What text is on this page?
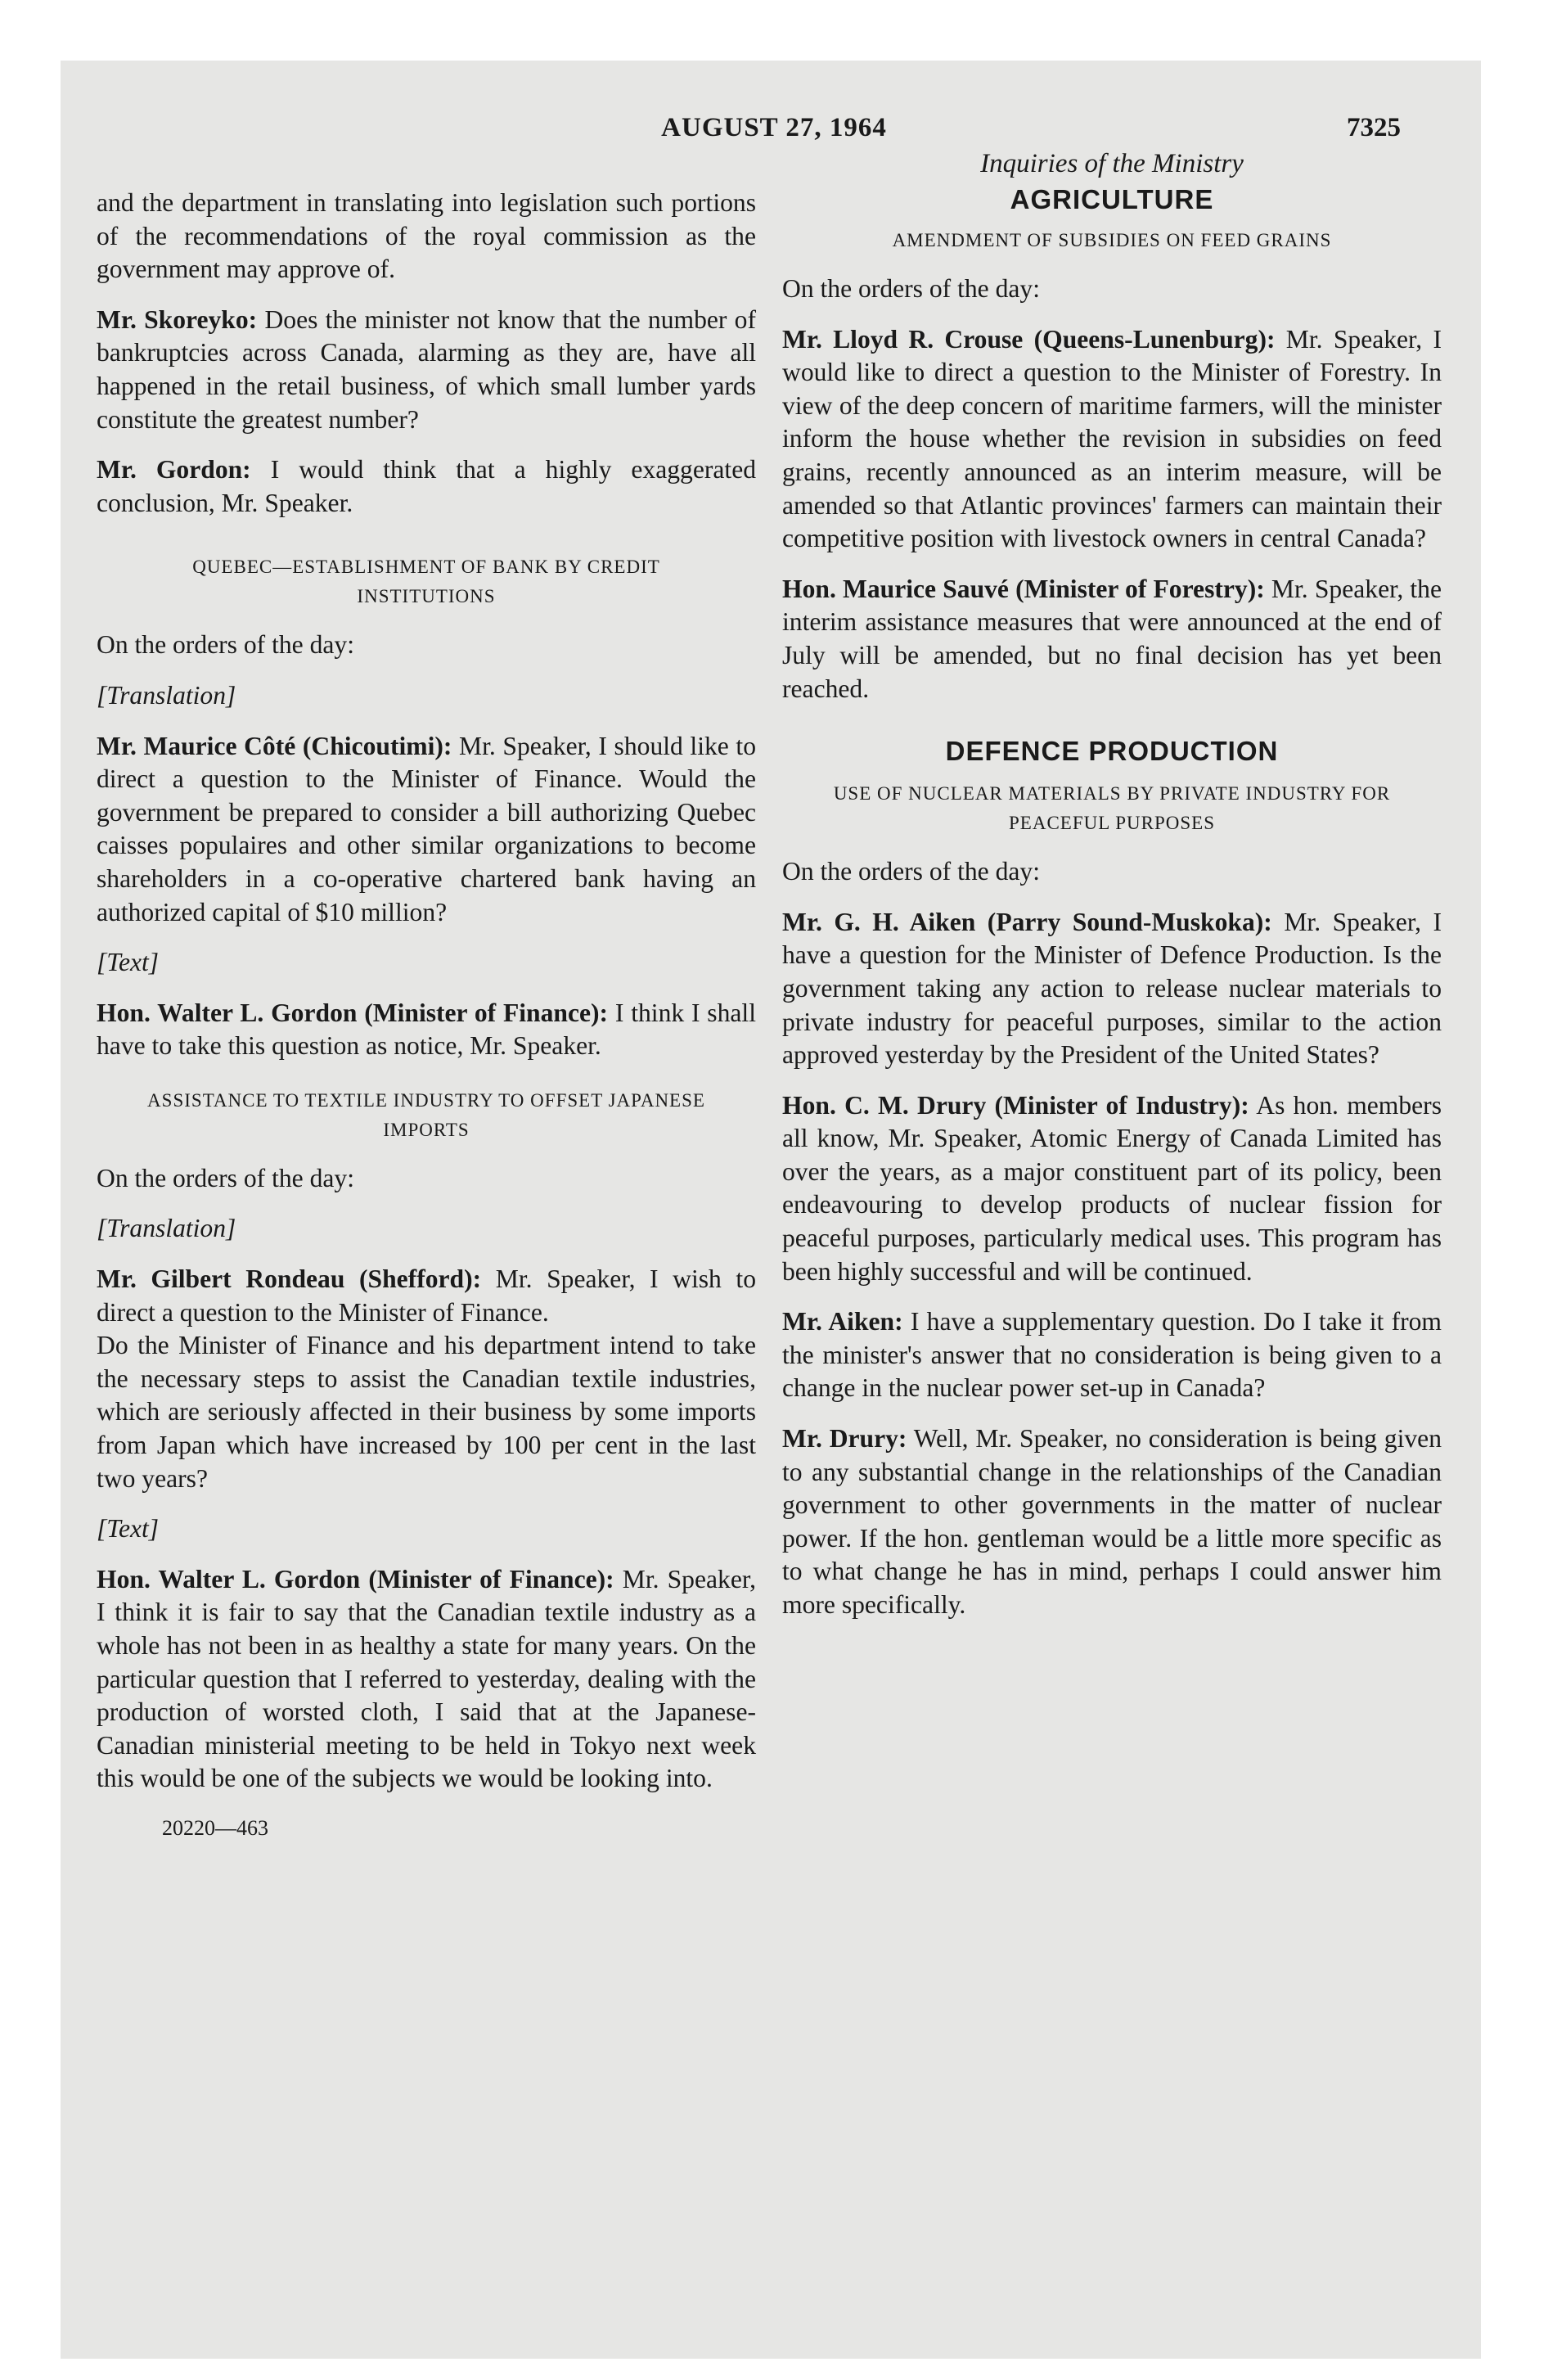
AUGUST 27, 1964	7325

and the department in translating into legislation such portions of the recommendations of the royal commission as the government may approve of.

Mr. Skoreyko: Does the minister not know that the number of bankruptcies across Canada, alarming as they are, have all happened in the retail business, of which small lumber yards constitute the greatest number?

Mr. Gordon: I would think that a highly exaggerated conclusion, Mr. Speaker.

QUEBEC—ESTABLISHMENT OF BANK BY CREDIT INSTITUTIONS

On the orders of the day:

[Translation]

Mr. Maurice Côté (Chicoutimi): Mr. Speaker, I should like to direct a question to the Minister of Finance. Would the government be prepared to consider a bill authorizing Quebec caisses populaires and other similar organizations to become shareholders in a co-operative chartered bank having an authorized capital of $10 million?

[Text]

Hon. Walter L. Gordon (Minister of Finance): I think I shall have to take this question as notice, Mr. Speaker.

ASSISTANCE TO TEXTILE INDUSTRY TO OFFSET JAPANESE IMPORTS

On the orders of the day:

[Translation]

Mr. Gilbert Rondeau (Shefford): Mr. Speaker, I wish to direct a question to the Minister of Finance.

Do the Minister of Finance and his department intend to take the necessary steps to assist the Canadian textile industries, which are seriously affected in their business by some imports from Japan which have increased by 100 per cent in the last two years?

[Text]

Hon. Walter L. Gordon (Minister of Finance): Mr. Speaker, I think it is fair to say that the Canadian textile industry as a whole has not been in as healthy a state for many years. On the particular question that I referred to yesterday, dealing with the production of worsted cloth, I said that at the Japanese-Canadian ministerial meeting to be held in Tokyo next week this would be one of the subjects we would be looking into.

20220—463
Inquiries of the Ministry
AGRICULTURE
AMENDMENT OF SUBSIDIES ON FEED GRAINS

On the orders of the day:

Mr. Lloyd R. Crouse (Queens-Lunenburg): Mr. Speaker, I would like to direct a question to the Minister of Forestry. In view of the deep concern of maritime farmers, will the minister inform the house whether the revision in subsidies on feed grains, recently announced as an interim measure, will be amended so that Atlantic provinces' farmers can maintain their competitive position with livestock owners in central Canada?

Hon. Maurice Sauvé (Minister of Forestry): Mr. Speaker, the interim assistance measures that were announced at the end of July will be amended, but no final decision has yet been reached.

DEFENCE PRODUCTION
USE OF NUCLEAR MATERIALS BY PRIVATE INDUSTRY FOR PEACEFUL PURPOSES

On the orders of the day:

Mr. G. H. Aiken (Parry Sound-Muskoka): Mr. Speaker, I have a question for the Minister of Defence Production. Is the government taking any action to release nuclear materials to private industry for peaceful purposes, similar to the action approved yesterday by the President of the United States?

Hon. C. M. Drury (Minister of Industry): As hon. members all know, Mr. Speaker, Atomic Energy of Canada Limited has over the years, as a major constituent part of its policy, been endeavouring to develop products of nuclear fission for peaceful purposes, particularly medical uses. This program has been highly successful and will be continued.

Mr. Aiken: I have a supplementary question. Do I take it from the minister's answer that no consideration is being given to a change in the nuclear power set-up in Canada?

Mr. Drury: Well, Mr. Speaker, no consideration is being given to any substantial change in the relationships of the Canadian government to other governments in the matter of nuclear power. If the hon. gentleman would be a little more specific as to what change he has in mind, perhaps I could answer him more specifically.
